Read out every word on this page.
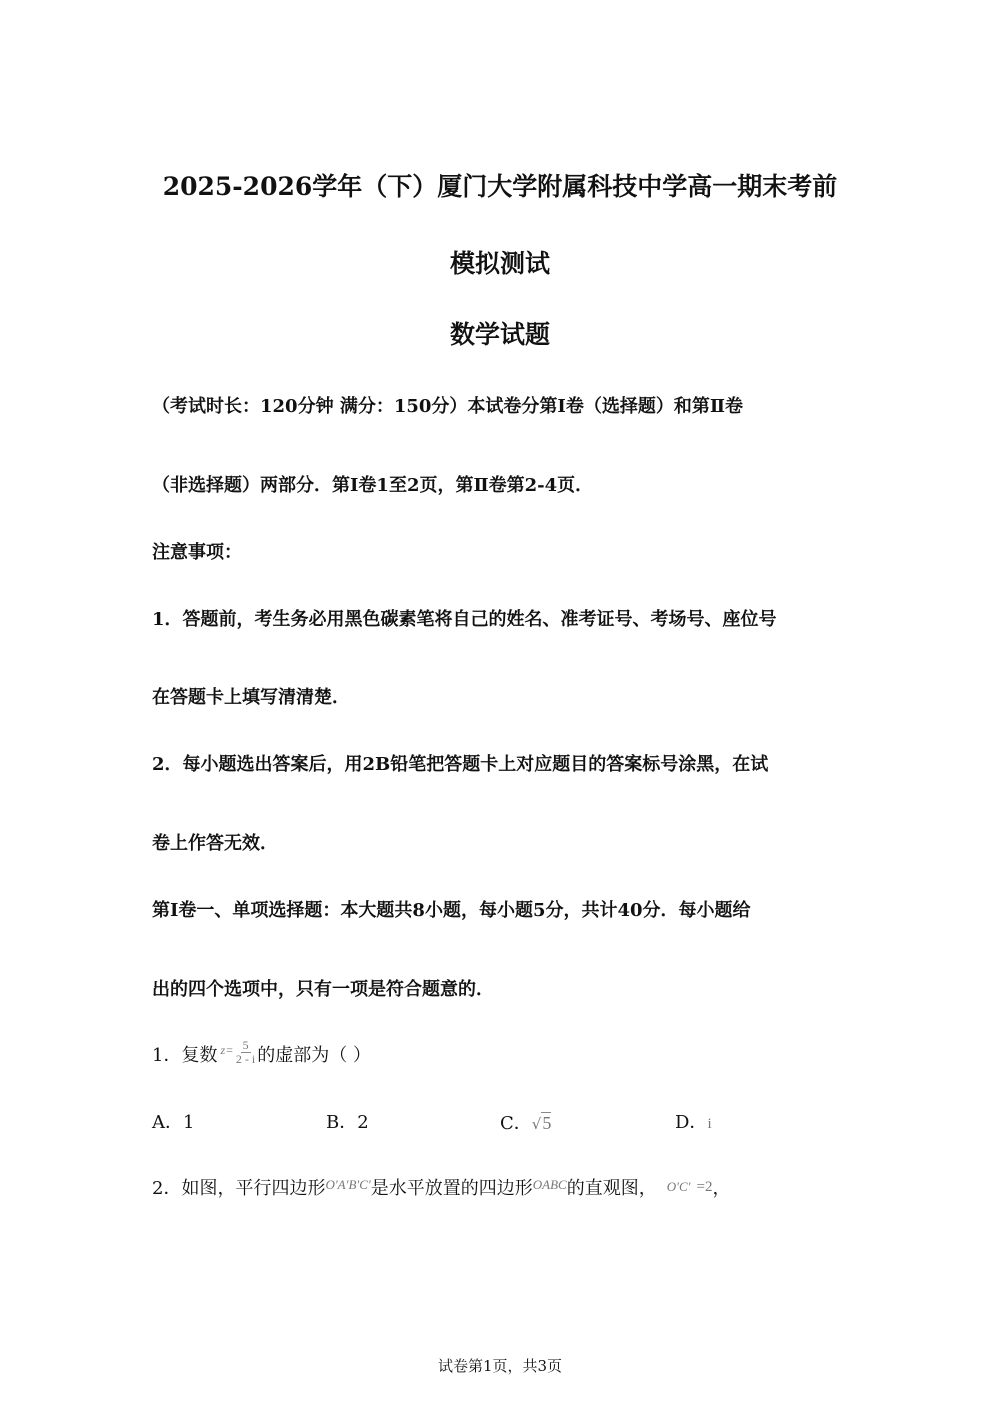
2025-2026学年（下）厦门大学附属科技中学高一期末考前
模拟测试
数学试题
（考试时长：120分钟 满分：150分）本试卷分第Ⅰ卷（选择题）和第Ⅱ卷
（非选择题）两部分．第Ⅰ卷1至2页，第Ⅱ卷第2-4页．
注意事项：
1．答题前，考生务必用黑色碳素笔将自己的姓名、准考证号、考场号、座位号
在答题卡上填写清清楚．
2．每小题选出答案后，用2B铅笔把答题卡上对应题目的答案标号涂黑，在试
卷上作答无效．
第Ⅰ卷一、单项选择题：本大题共8小题，每小题5分，共计40分．每小题给
出的四个选项中，只有一项是符合题意的．
1．复数 $z = \frac{5}{2 - i}$ 的虚部为（ ）
A．1	B．2	C．√5	D．i
2．如图，平行四边形 O′A′B′C′ 是水平放置的四边形 OABC 的直观图， O′C′ =2 ，
试卷第1页，共3页
